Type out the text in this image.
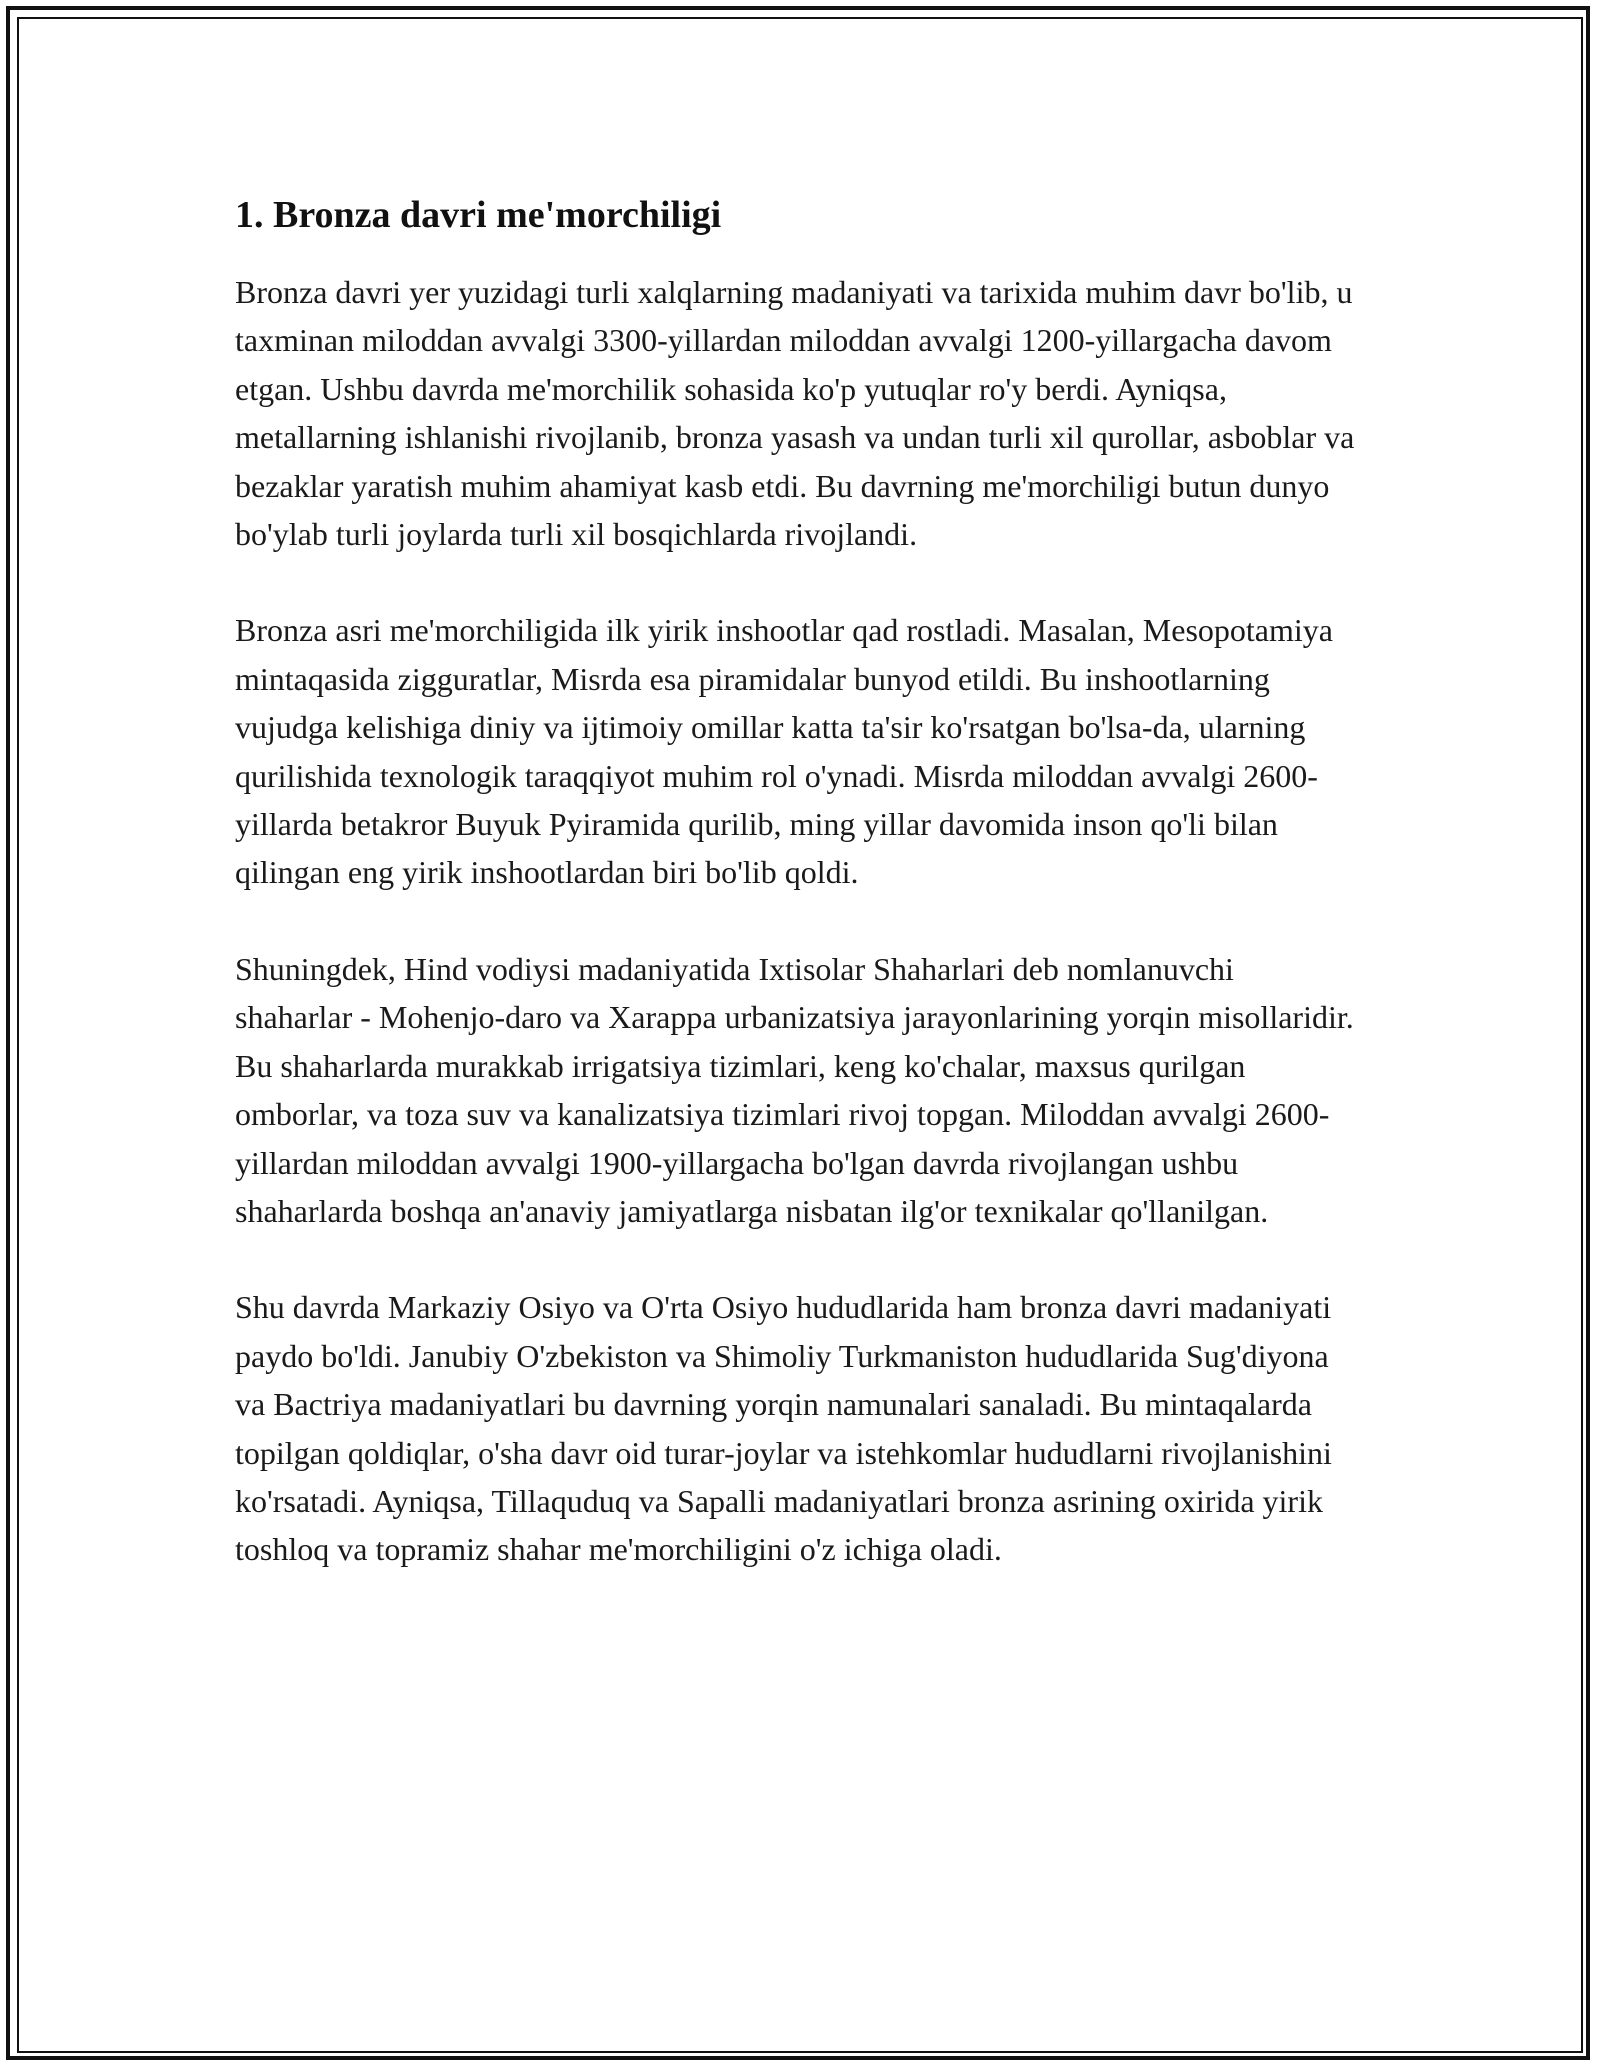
1. Bronza davri me'morchiligi

Bronza davri yer yuzidagi turli xalqlarning madaniyati va tarixida muhim davr bo'lib, u taxminan miloddan avvalgi 3300-yillardan miloddan avvalgi 1200-yillargacha davom etgan. Ushbu davrda me'morchilik sohasida ko'p yutuqlar ro'y berdi. Ayniqsa, metallarning ishlanishi rivojlanib, bronza yasash va undan turli xil qurollar, asboblar va bezaklar yaratish muhim ahamiyat kasb etdi. Bu davrning me'morchiligi butun dunyo bo'ylab turli joylarda turli xil bosqichlarda rivojlandi.

Bronza asri me'morchiligida ilk yirik inshootlar qad rostladi. Masalan, Mesopotamiya mintaqasida zigguratlar, Misrda esa piramidalar bunyod etildi. Bu inshootlarning vujudga kelishiga diniy va ijtimoiy omillar katta ta'sir ko'rsatgan bo'lsa-da, ularning qurilishida texnologik taraqqiyot muhim rol o'ynadi. Misrda miloddan avvalgi 2600-yillarda betakror Buyuk Pyiramida qurilib, ming yillar davomida inson qo'li bilan qilingan eng yirik inshootlardan biri bo'lib qoldi.

Shuningdek, Hind vodiysi madaniyatida Ixtisolar Shaharlari deb nomlanuvchi shaharlar - Mohenjo-daro va Xarappa urbanizatsiya jarayonlarining yorqin misollaridir. Bu shaharlarda murakkab irrigatsiya tizimlari, keng ko'chalar, maxsus qurilgan omborlar, va toza suv va kanalizatsiya tizimlari rivoj topgan. Miloddan avvalgi 2600-yillardan miloddan avvalgi 1900-yillargacha bo'lgan davrda rivojlangan ushbu shaharlarda boshqa an'anaviy jamiyatlarga nisbatan ilg'or texnikalar qo'llanilgan.

Shu davrda Markaziy Osiyo va O'rta Osiyo hududlarida ham bronza davri madaniyati paydo bo'ldi. Janubiy O'zbekiston va Shimoliy Turkmaniston hududlarida Sug'diyona va Bactriya madaniyatlari bu davrning yorqin namunalari sanaladi. Bu mintaqalarda topilgan qoldiqlar, o'sha davr oid turar-joylar va istehkomlar hududlarni rivojlanishini ko'rsatadi. Ayniqsa, Tillaquduq va Sapalli madaniyatlari bronza asrining oxirida yirik toshloq va topramiz shahar me'morchiligini o'z ichiga oladi.
